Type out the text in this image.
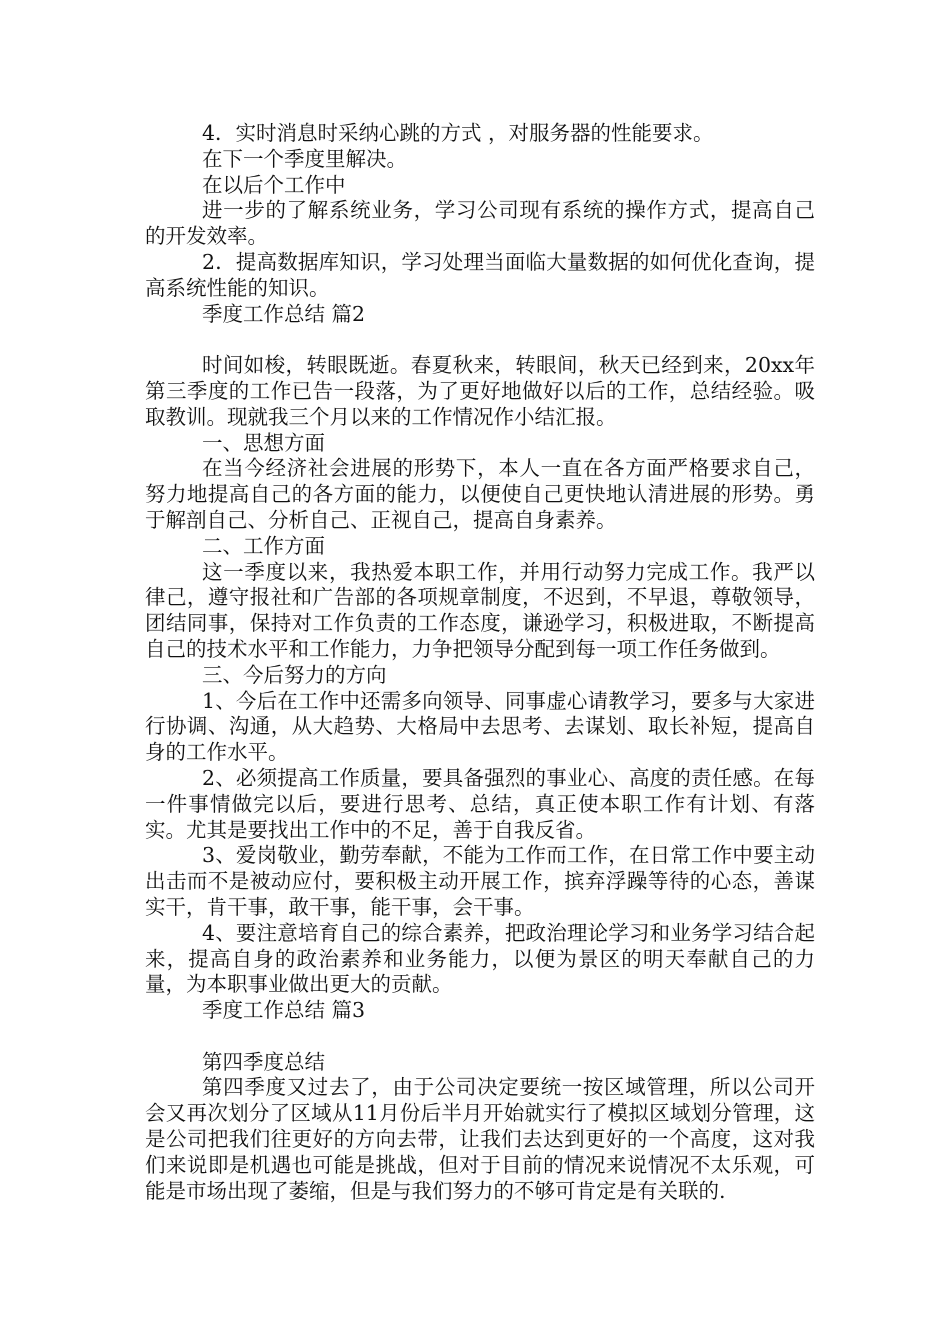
4．实时消息时采纳心跳的方式 ，对服务器的性能要求。

在下一个季度里解决。

在以后个工作中

进一步的了解系统业务，学习公司现有系统的操作方式，提高自己的开发效率。

2．提高数据库知识，学习处理当面临大量数据的如何优化查询，提高系统性能的知识。

季度工作总结 篇2

时间如梭，转眼既逝。春夏秋来，转眼间，秋天已经到来，20xx年第三季度的工作已告一段落，为了更好地做好以后的工作，总结经验。吸取教训。现就我三个月以来的工作情况作小结汇报。

一、思想方面

在当今经济社会进展的形势下，本人一直在各方面严格要求自己，努力地提高自己的各方面的能力，以便使自己更快地认清进展的形势。勇于解剖自己、分析自己、正视自己，提高自身素养。

二、工作方面

这一季度以来，我热爱本职工作，并用行动努力完成工作。我严以律己，遵守报社和广告部的各项规章制度，不迟到，不早退，尊敬领导，团结同事，保持对工作负责的工作态度，谦逊学习，积极进取，不断提高自己的技术水平和工作能力，力争把领导分配到每一项工作任务做到。

三、今后努力的方向

1、今后在工作中还需多向领导、同事虚心请教学习，要多与大家进行协调、沟通，从大趋势、大格局中去思考、去谋划、取长补短，提高自身的工作水平。

2、必须提高工作质量，要具备强烈的事业心、高度的责任感。在每一件事情做完以后，要进行思考、总结，真正使本职工作有计划、有落实。尤其是要找出工作中的不足，善于自我反省。

3、爱岗敬业，勤劳奉献，不能为工作而工作，在日常工作中要主动出击而不是被动应付，要积极主动开展工作，摈弃浮躁等待的心态，善谋实干，肯干事，敢干事，能干事，会干事。

4、要注意培育自己的综合素养，把政治理论学习和业务学习结合起来，提高自身的政治素养和业务能力，以便为景区的明天奉献自己的力量，为本职事业做出更大的贡献。

季度工作总结 篇3

第四季度总结

第四季度又过去了，由于公司决定要统一按区域管理，所以公司开会又再次划分了区域从11月份后半月开始就实行了模拟区域划分管理，这是公司把我们往更好的方向去带，让我们去达到更好的一个高度，这对我们来说即是机遇也可能是挑战，但对于目前的情况来说情况不太乐观，可能是市场出现了萎缩，但是与我们努力的不够可肯定是有关联的.
